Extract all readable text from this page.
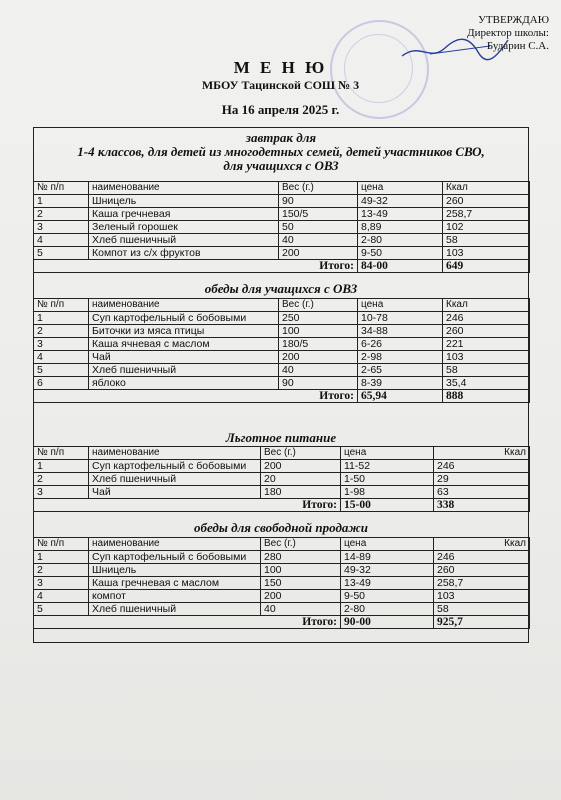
УТВЕРЖДАЮ
Директор школы:
Бударин С.А.
М Е Н Ю
МБОУ Тацинской СОШ № 3
На 16 апреля 2025 г.
завтрак для
1-4 классов, для детей из многодетных семей, детей участников СВО,
для учащихся с ОВЗ
№ п/п	наименование	Вес (г.)	цена	Ккал
1	Шницель	90	49-32	260
2	Каша гречневая	150/5	13-49	258,7
3	Зеленый горошек	50	8,89	102
4	Хлеб пшеничный	40	2-80	58
5	Компот из с/х фруктов	200	9-50	103
Итого:			84-00	649
обеды для учащихся с ОВЗ
№ п/п	наименование	Вес (г.)	цена	Ккал
1	Суп картофельный с бобовыми	250	10-78	246
2	Биточки из мяса птицы	100	34-88	260
3	Каша ячневая с маслом	180/5	6-26	221
4	Чай	200	2-98	103
5	Хлеб пшеничный	40	2-65	58
6	яблоко	90	8-39	35,4
Итого:			65,94	888
Льготное питание
№ п/п	наименование	Вес (г.)	цена	Ккал
1	Суп картофельный с бобовыми	200	11-52	246
2	Хлеб пшеничный	20	1-50	29
3	Чай	180	1-98	63
Итого:			15-00	338
обеды для свободной продажи
№ п/п	наименование	Вес (г.)	цена	Ккал
1	Суп картофельный с бобовыми	280	14-89	246
2	Шницель	100	49-32	260
3	Каша гречневая с маслом	150	13-49	258,7
4	компот	200	9-50	103
5	Хлеб пшеничный	40	2-80	58
Итого:			90-00	925,7
